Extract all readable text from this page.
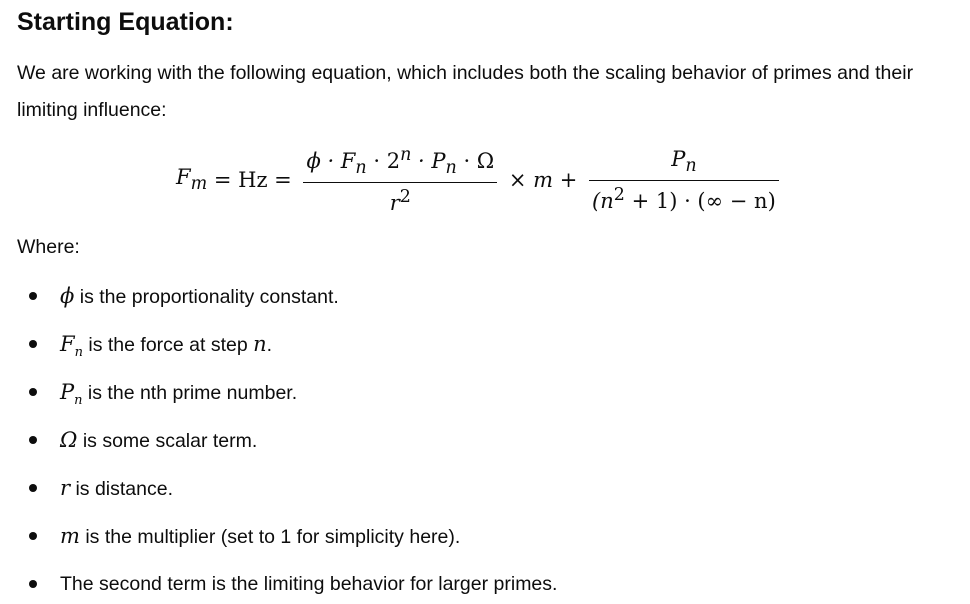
Starting Equation:

We are working with the following equation, which includes both the scaling behavior of primes and their limiting influence:

$F_m = Hz = \frac{\phi \cdot F_n \cdot 2^n \cdot P_n \cdot \Omega}{r^2} \times m + \frac{P_n}{(n^2 + 1) \cdot (\infty - n)}$

Where:

ϕ is the proportionality constant.
$F_n$ is the force at step n.
$P_n$ is the nth prime number.
Ω is some scalar term.
r is distance.
m is the multiplier (set to 1 for simplicity here).
The second term is the limiting behavior for larger primes.
